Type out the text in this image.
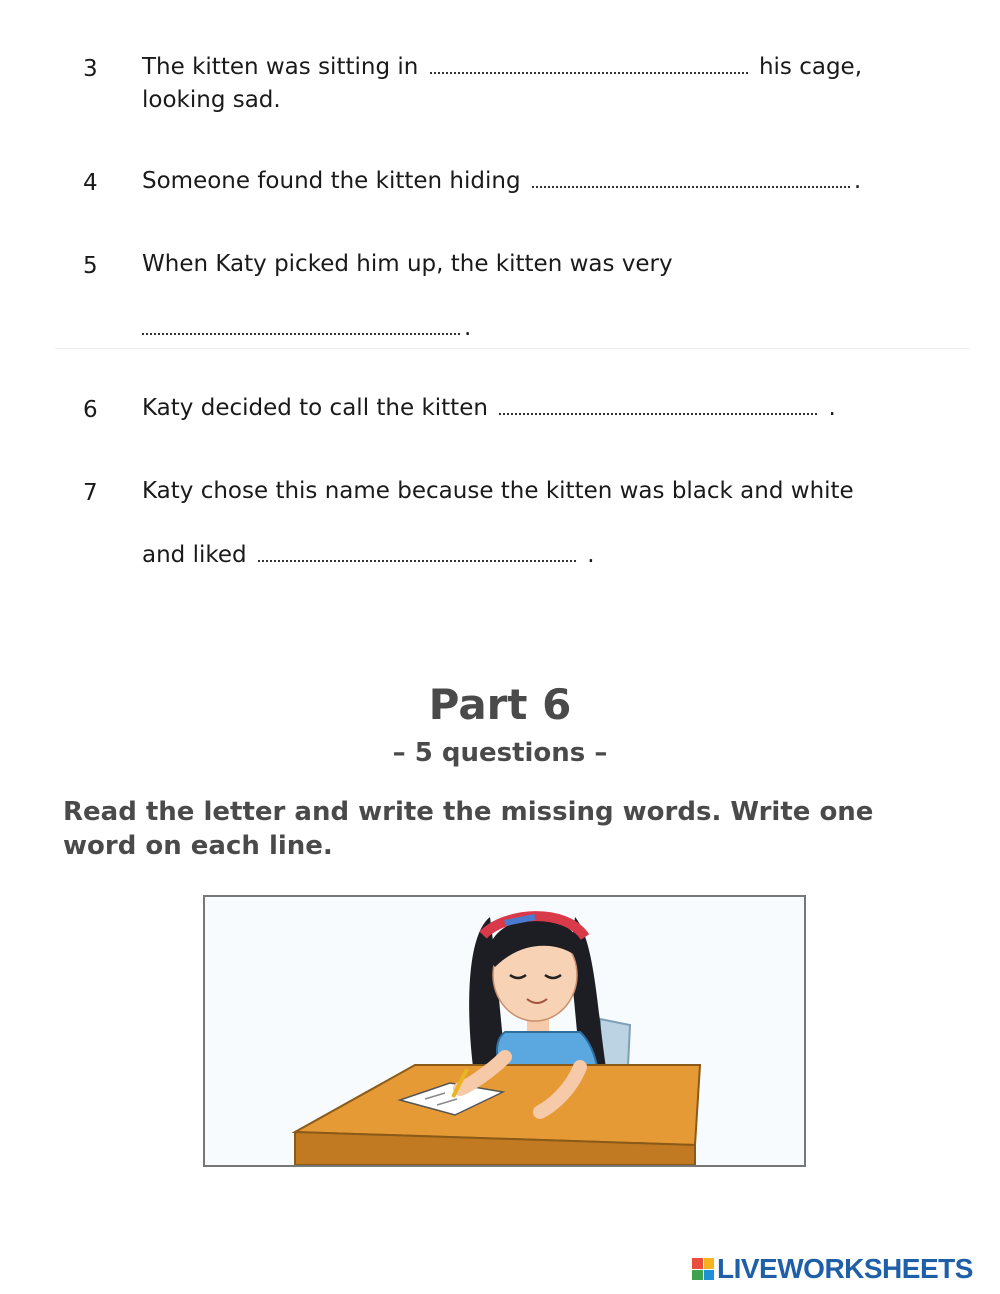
3 The kitten was sitting in	his cage,
looking sad.
4 Someone found the kitten hiding	.
5 When Katy picked him up, the kitten was very
.
6 Katy decided to call the kitten	.
7 Katy chose this name because the kitten was black and white
and liked	.
Part 6
– 5 questions –
Read the letter and write the missing words. Write one word on each line.
LIVEWORKSHEETS
